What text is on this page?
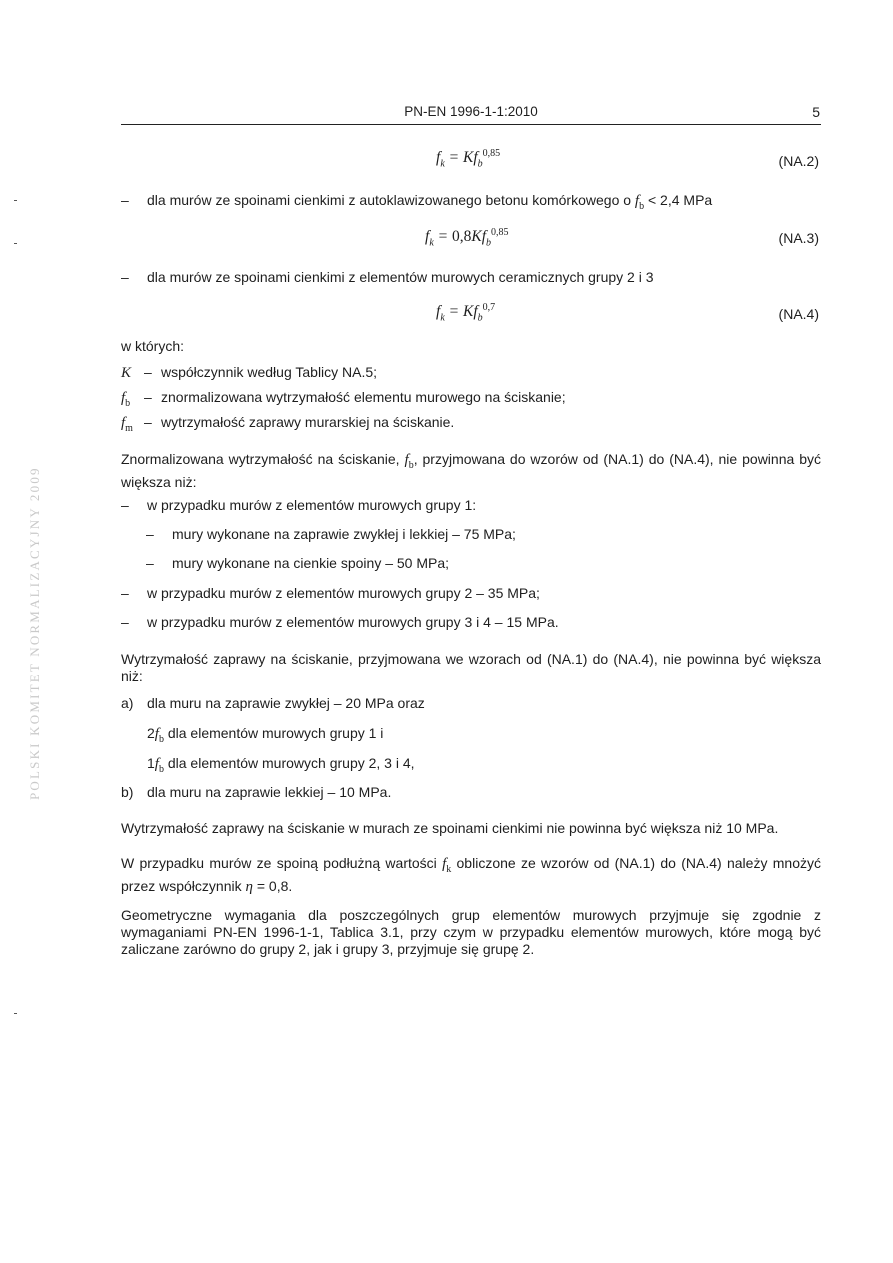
PN-EN 1996-1-1:2010	5
POLSKI KOMITET NORMALIZACYJNY 2009
$f_k = Kf_b^{0,85}$	(NA.2)
– dla murów ze spoinami cienkimi z autoklawizowanego betonu komórkowego o $f_b < 2,4$ MPa
$f_k = 0,8Kf_b^{0,85}$	(NA.3)
– dla murów ze spoinami cienkimi z elementów murowych ceramicznych grupy 2 i 3
$f_k = Kf_b^{0,7}$	(NA.4)
w których:
K – współczynnik według Tablicy NA.5;
$f_b$ – znormalizowana wytrzymałość elementu murowego na ściskanie;
$f_m$ – wytrzymałość zaprawy murarskiej na ściskanie.
Znormalizowana wytrzymałość na ściskanie, $f_b$, przyjmowana do wzorów od (NA.1) do (NA.4), nie powinna być większa niż:
– w przypadku murów z elementów murowych grupy 1:
– mury wykonane na zaprawie zwykłej i lekkiej – 75 MPa;
– mury wykonane na cienkie spoiny – 50 MPa;
– w przypadku murów z elementów murowych grupy 2 – 35 MPa;
– w przypadku murów z elementów murowych grupy 3 i 4 – 15 MPa.
Wytrzymałość zaprawy na ściskanie, przyjmowana we wzorach od (NA.1) do (NA.4), nie powinna być większa niż:
a) dla muru na zaprawie zwykłej – 20 MPa oraz
$2f_b$ dla elementów murowych grupy 1 i
$1f_b$ dla elementów murowych grupy 2, 3 i 4,
b) dla muru na zaprawie lekkiej – 10 MPa.
Wytrzymałość zaprawy na ściskanie w murach ze spoinami cienkimi nie powinna być większa niż 10 MPa.
W przypadku murów ze spoiną podłużną wartości $f_k$ obliczone ze wzorów od (NA.1) do (NA.4) należy mnożyć przez współczynnik η = 0,8.
Geometryczne wymagania dla poszczególnych grup elementów murowych przyjmuje się zgodnie z wymaganiami PN-EN 1996-1-1, Tablica 3.1, przy czym w przypadku elementów murowych, które mogą być zaliczane zarówno do grupy 2, jak i grupy 3, przyjmuje się grupę 2.
